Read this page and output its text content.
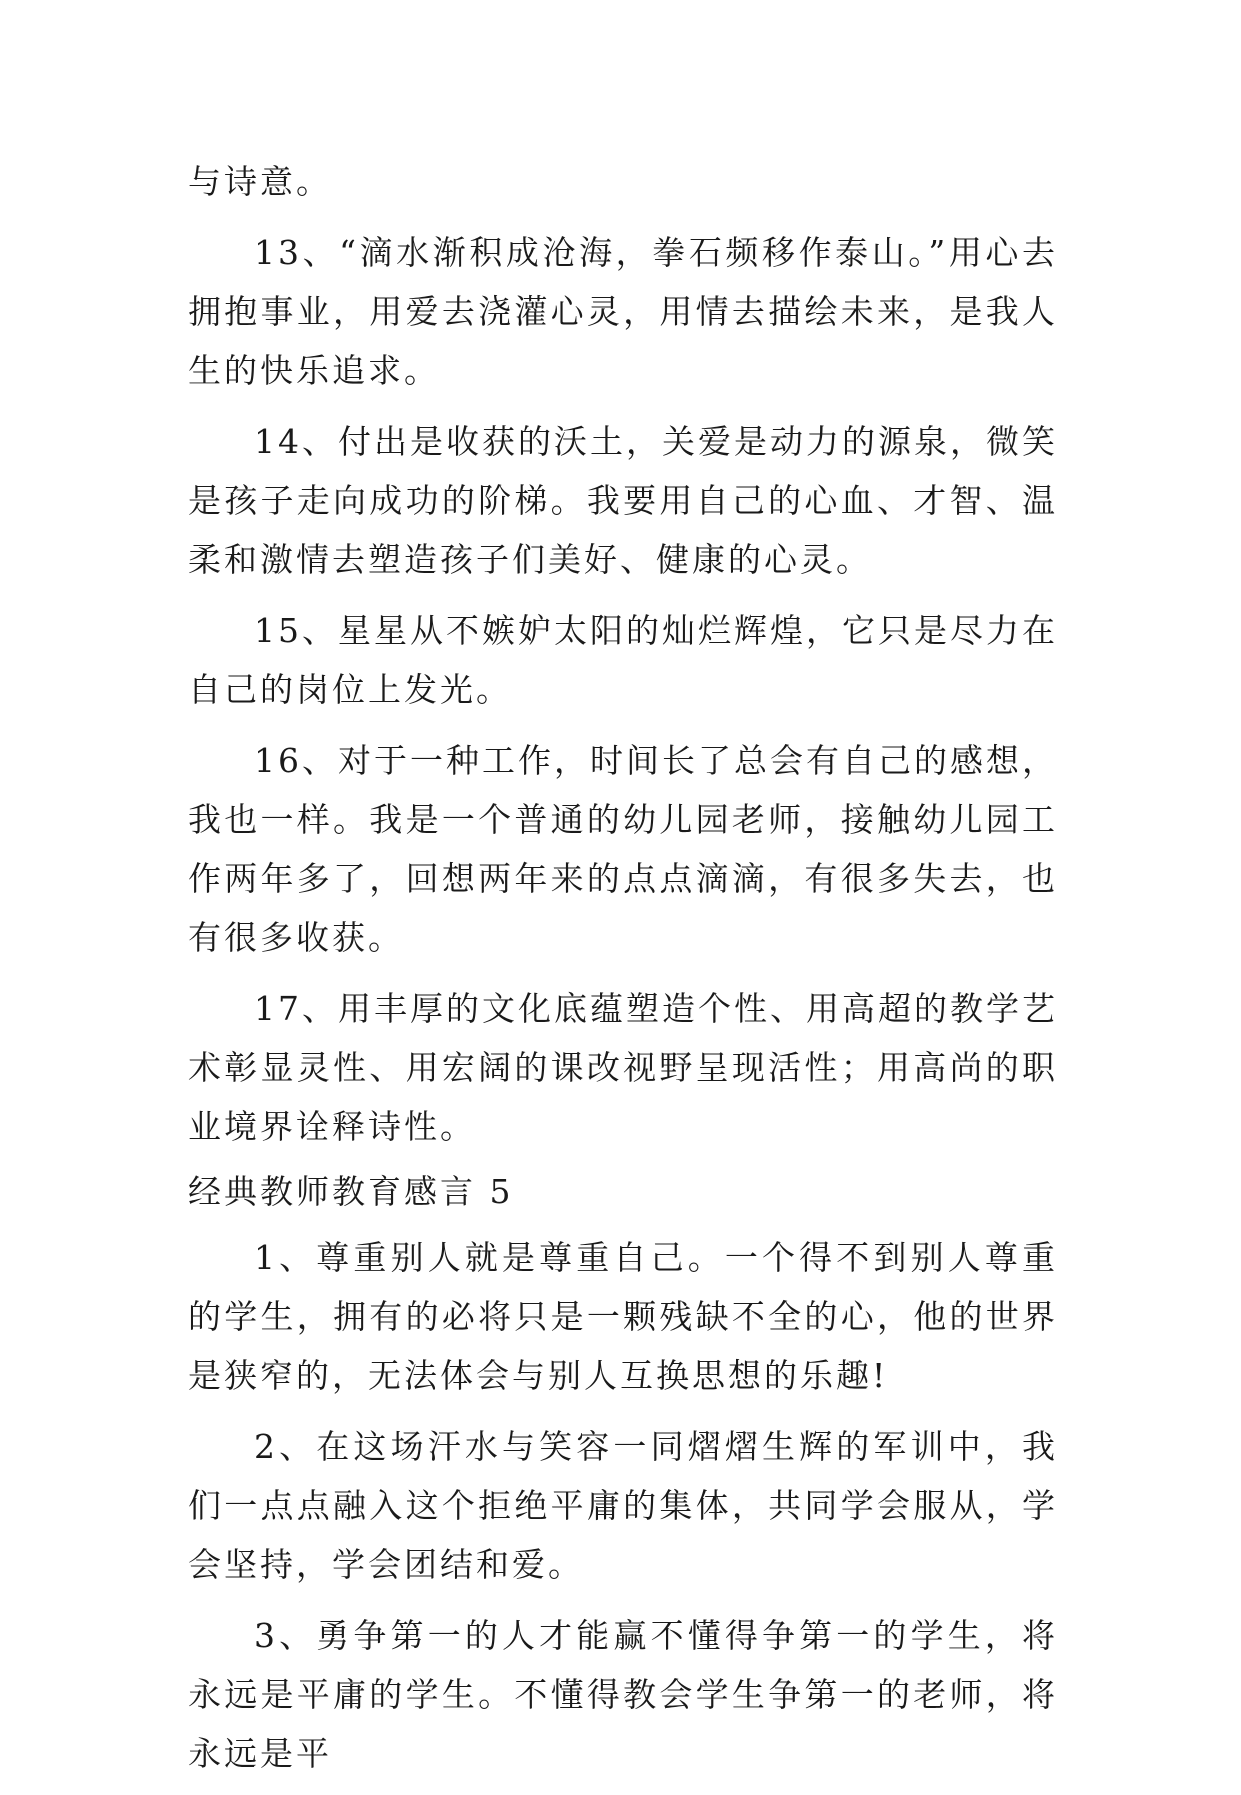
与诗意。

13、“滴水渐积成沧海，拳石频移作泰山。”用心去拥抱事业，用爱去浇灌心灵，用情去描绘未来，是我人生的快乐追求。

14、付出是收获的沃土，关爱是动力的源泉，微笑是孩子走向成功的阶梯。我要用自己的心血、才智、温柔和激情去塑造孩子们美好、健康的心灵。

15、星星从不嫉妒太阳的灿烂辉煌，它只是尽力在自己的岗位上发光。

16、对于一种工作，时间长了总会有自己的感想，我也一样。我是一个普通的幼儿园老师，接触幼儿园工作两年多了，回想两年来的点点滴滴，有很多失去，也有很多收获。

17、用丰厚的文化底蕴塑造个性、用高超的教学艺术彰显灵性、用宏阔的课改视野呈现活性；用高尚的职业境界诠释诗性。

经典教师教育感言 5

1、尊重别人就是尊重自己。一个得不到别人尊重的学生，拥有的必将只是一颗残缺不全的心，他的世界是狭窄的，无法体会与别人互换思想的乐趣!

2、在这场汗水与笑容一同熠熠生辉的军训中，我们一点点融入这个拒绝平庸的集体，共同学会服从，学会坚持，学会团结和爱。

3、勇争第一的人才能赢不懂得争第一的学生，将永远是平庸的学生。不懂得教会学生争第一的老师，将永远是平
